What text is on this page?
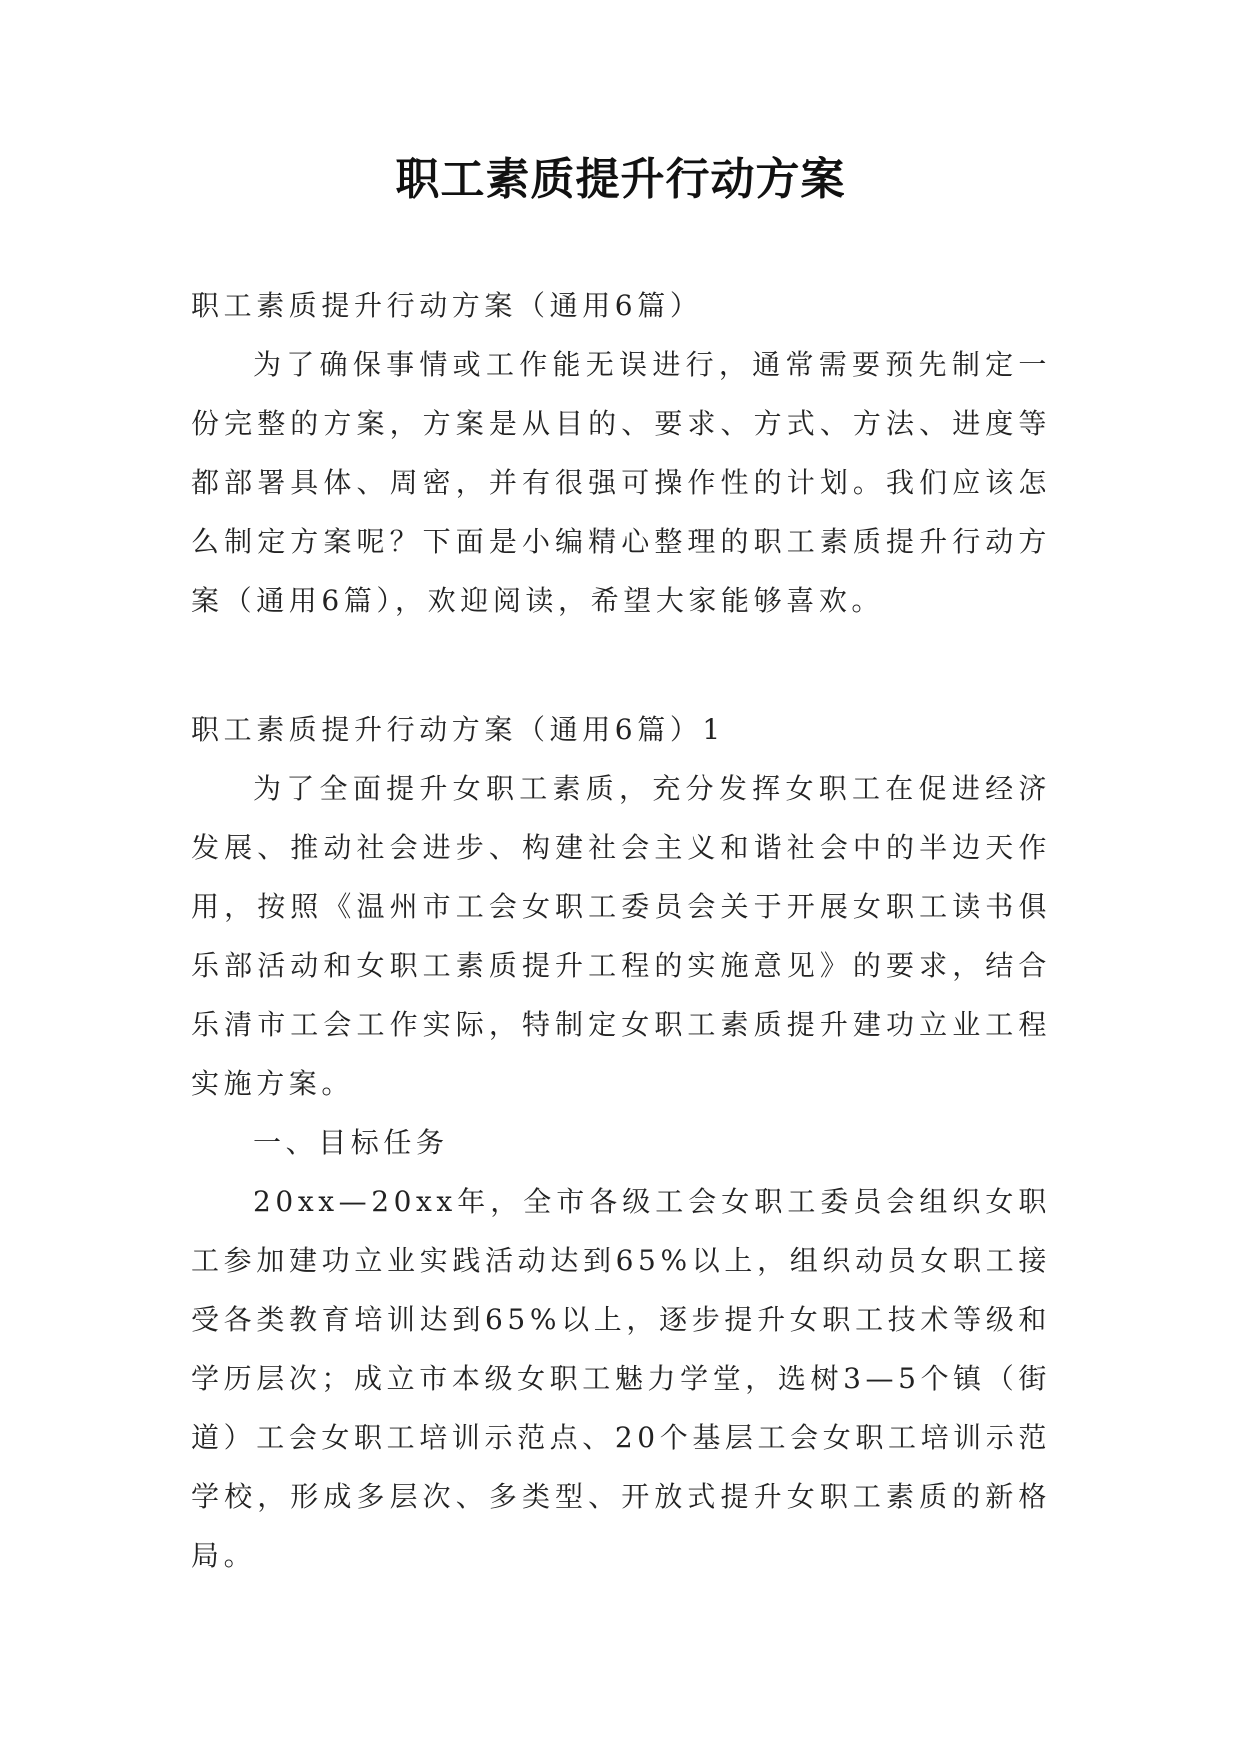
职工素质提升行动方案

职工素质提升行动方案（通用6篇）

为了确保事情或工作能无误进行，通常需要预先制定一份完整的方案，方案是从目的、要求、方式、方法、进度等都部署具体、周密，并有很强可操作性的计划。我们应该怎么制定方案呢？下面是小编精心整理的职工素质提升行动方案（通用6篇），欢迎阅读，希望大家能够喜欢。

职工素质提升行动方案（通用6篇）1

为了全面提升女职工素质，充分发挥女职工在促进经济发展、推动社会进步、构建社会主义和谐社会中的半边天作用，按照《温州市工会女职工委员会关于开展女职工读书俱乐部活动和女职工素质提升工程的实施意见》的要求，结合乐清市工会工作实际，特制定女职工素质提升建功立业工程实施方案。

一、目标任务

20xx—20xx年，全市各级工会女职工委员会组织女职工参加建功立业实践活动达到65%以上，组织动员女职工接受各类教育培训达到65%以上，逐步提升女职工技术等级和学历层次；成立市本级女职工魅力学堂，选树3—5个镇（街道）工会女职工培训示范点、20个基层工会女职工培训示范学校，形成多层次、多类型、开放式提升女职工素质的新格局。
